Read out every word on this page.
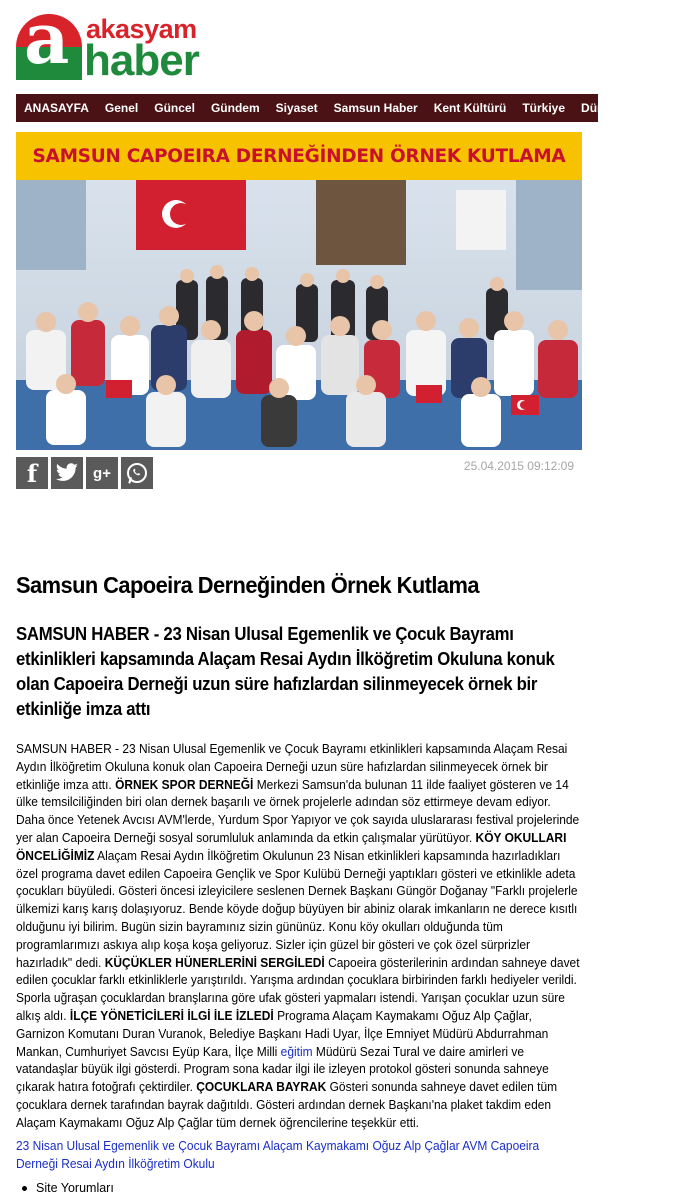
a akasyam
haber
ANASAYFA Genel Güncel Gündem Siyaset Samsun Haber Kent Kültürü Türkiye Dünya Ekonomi
SAMSUN CAPOEIRA DERNEĞİNDEN ÖRNEK KUTLAMA
f	g+	25.04.2015 09:12:09
Samsun Capoeira Derneğinden Örnek Kutlama
SAMSUN HABER - 23 Nisan Ulusal Egemenlik ve Çocuk Bayramı etkinlikleri kapsamında Alaçam Resai Aydın İlköğretim Okuluna konuk olan Capoeira Derneği uzun süre hafızlardan silinmeyecek örnek bir etkinliğe imza attı
SAMSUN HABER - 23 Nisan Ulusal Egemenlik ve Çocuk Bayramı etkinlikleri kapsamında Alaçam Resai Aydın İlköğretim Okuluna konuk olan Capoeira Derneği uzun süre hafızlardan silinmeyecek örnek bir etkinliğe imza attı. ÖRNEK SPOR DERNEĞİ Merkezi Samsun'da bulunan 11 ilde faaliyet gösteren ve 14 ülke temsilciliğinden biri olan dernek başarılı ve örnek projelerle adından söz ettirmeye devam ediyor. Daha önce Yetenek Avcısı AVM'lerde, Yurdum Spor Yapıyor ve çok sayıda uluslararası festival projelerinde yer alan Capoeira Derneği sosyal sorumluluk anlamında da etkin çalışmalar yürütüyor. KÖY OKULLARI ÖNCELİĞİMİZ Alaçam Resai Aydın İlköğretim Okulunun 23 Nisan etkinlikleri kapsamında hazırladıkları özel programa davet edilen Capoeira Gençlik ve Spor Kulübü Derneği yaptıkları gösteri ve etkinlikle adeta çocukları büyüledi. Gösteri öncesi izleyicilere seslenen Dernek Başkanı Güngör Doğanay "Farklı projelerle ülkemizi karış karış dolaşıyoruz. Bende köyde doğup büyüyen bir abiniz olarak imkanların ne derece kısıtlı olduğunu iyi bilirim. Bugün sizin bayramınız sizin gününüz. Konu köy okulları olduğunda tüm programlarımızı askıya alıp koşa koşa geliyoruz. Sizler için güzel bir gösteri ve çok özel sürprizler hazırladık" dedi. KÜÇÜKLER HÜNERLERİNİ SERGİLEDİ Capoeira gösterilerinin ardından sahneye davet edilen çocuklar farklı etkinliklerle yarıştırıldı. Yarışma ardından çocuklara birbirinden farklı hediyeler verildi. Sporla uğraşan çocuklardan branşlarına göre ufak gösteri yapmaları istendi. Yarışan çocuklar uzun süre alkış aldı. İLÇE YÖNETİCİLERİ İLGİ İLE İZLEDİ Programa Alaçam Kaymakamı Oğuz Alp Çağlar, Garnizon Komutanı Duran Vuranok, Belediye Başkanı Hadi Uyar, İlçe Emniyet Müdürü Abdurrahman Mankan, Cumhuriyet Savcısı Eyüp Kara, İlçe Milli eğitim Müdürü Sezai Tural ve daire amirleri ve vatandaşlar büyük ilgi gösterdi. Program sona kadar ilgi ile izleyen protokol gösteri sonunda sahneye çıkarak hatıra fotoğrafı çektirdiler. ÇOCUKLARA BAYRAK Gösteri sonunda sahneye davet edilen tüm çocuklara dernek tarafından bayrak dağıtıldı. Gösteri ardından dernek Başkanı'na plaket takdim eden Alaçam Kaymakamı Oğuz Alp Çağlar tüm dernek öğrencilerine teşekkür etti.
23 Nisan Ulusal Egemenlik ve Çocuk Bayramı Alaçam Kaymakamı Oğuz Alp Çağlar AVM Capoeira Derneği Resai Aydın İlköğretim Okulu
Site Yorumları
